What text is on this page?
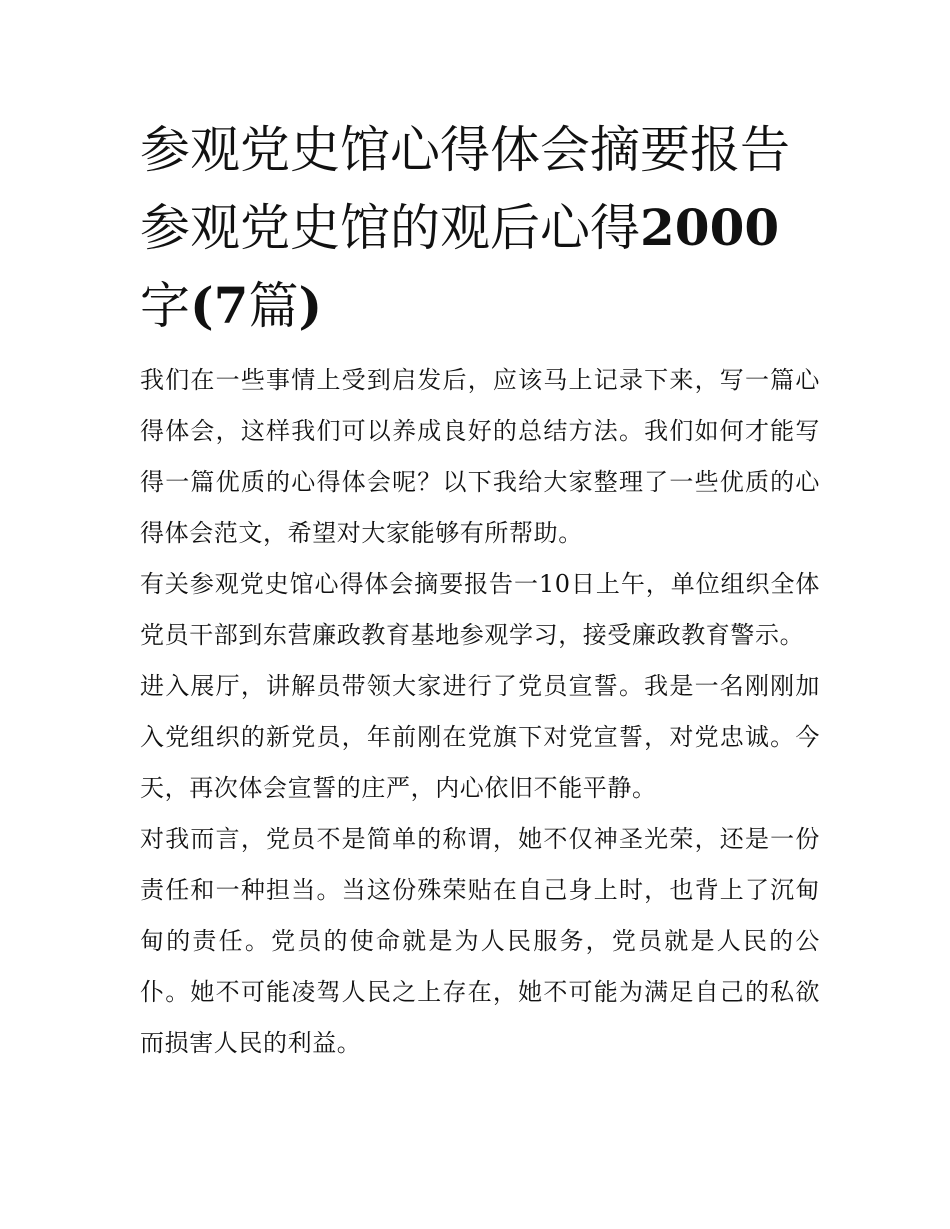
参观党史馆心得体会摘要报告参观党史馆的观后心得2000字(7篇)

我们在一些事情上受到启发后，应该马上记录下来，写一篇心得体会，这样我们可以养成良好的总结方法。我们如何才能写得一篇优质的心得体会呢？以下我给大家整理了一些优质的心得体会范文，希望对大家能够有所帮助。

有关参观党史馆心得体会摘要报告一10日上午，单位组织全体党员干部到东营廉政教育基地参观学习，接受廉政教育警示。

进入展厅，讲解员带领大家进行了党员宣誓。我是一名刚刚加入党组织的新党员，年前刚在党旗下对党宣誓，对党忠诚。今天，再次体会宣誓的庄严，内心依旧不能平静。

对我而言，党员不是简单的称谓，她不仅神圣光荣，还是一份责任和一种担当。当这份殊荣贴在自己身上时，也背上了沉甸甸的责任。党员的使命就是为人民服务，党员就是人民的公仆。她不可能凌驾人民之上存在，她不可能为满足自己的私欲而损害人民的利益。
